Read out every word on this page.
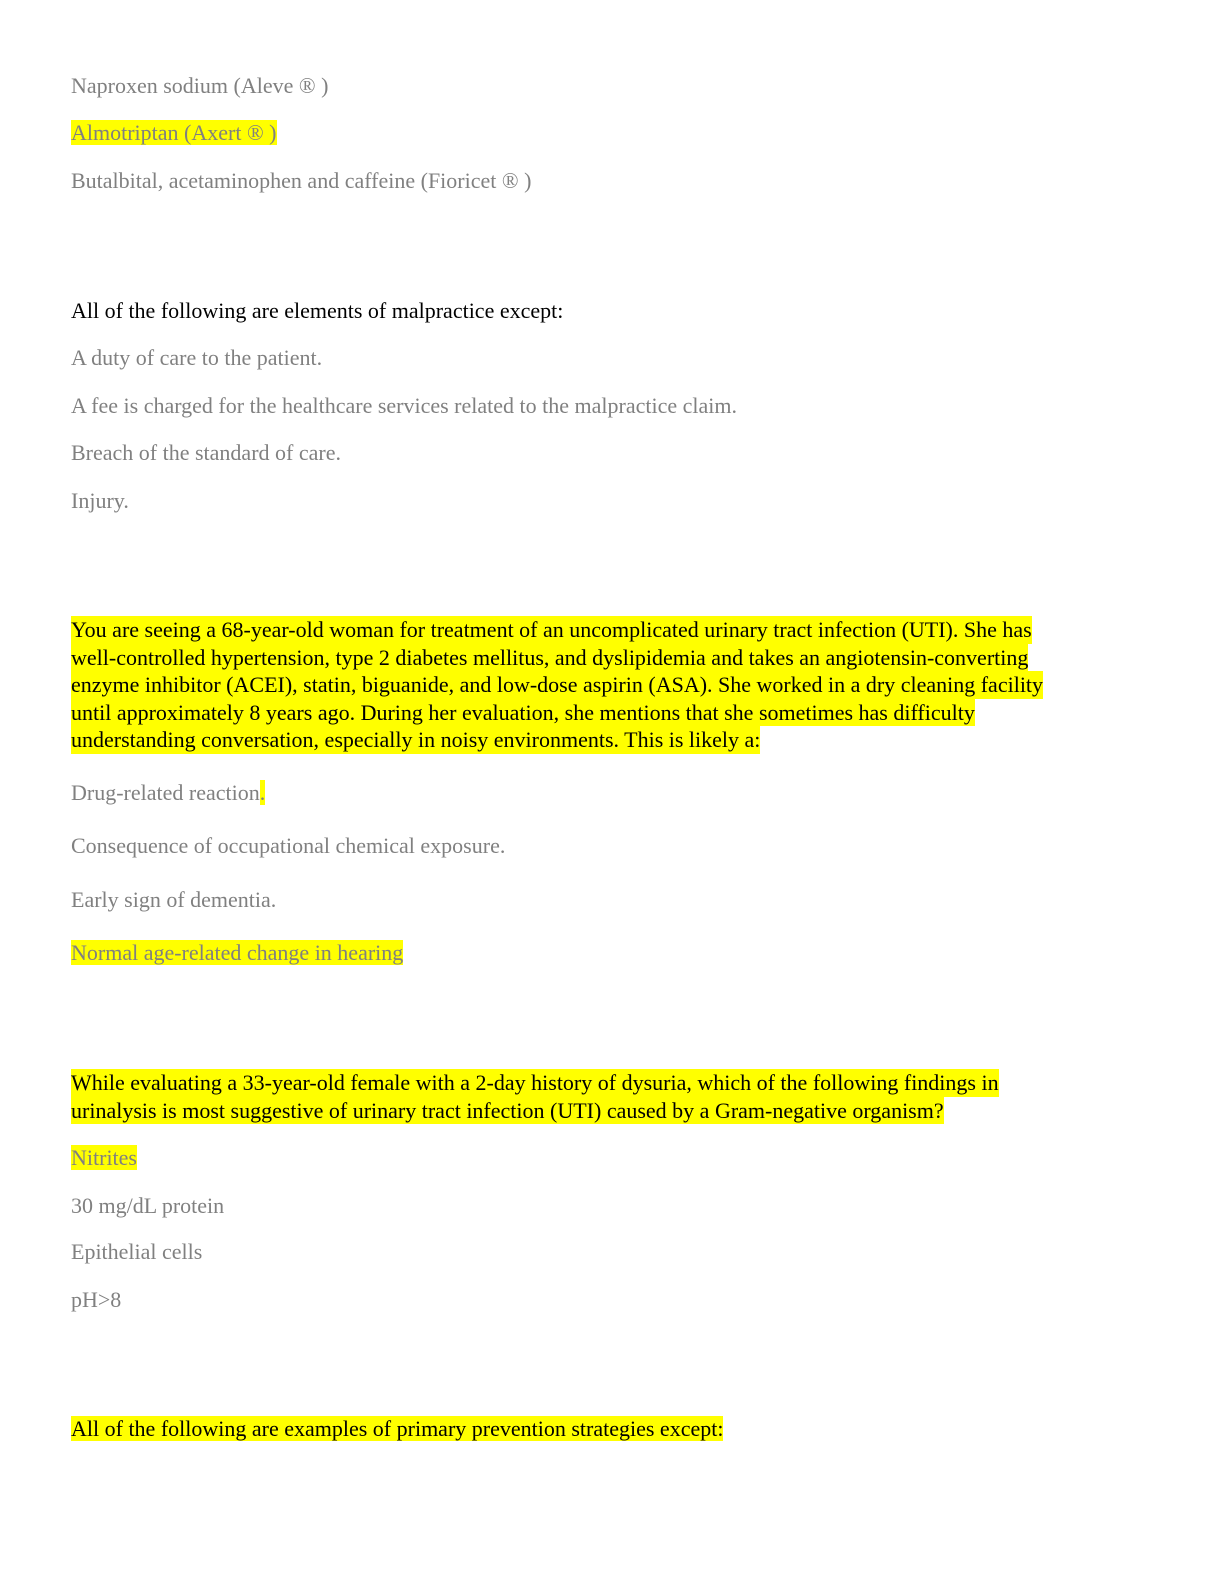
Naproxen sodium (Aleve ® )

Almotriptan (Axert ® )

Butalbital, acetaminophen and caffeine (Fioricet ® )

All of the following are elements of malpractice except:

A duty of care to the patient.

A fee is charged for the healthcare services related to the malpractice claim.

Breach of the standard of care.

Injury.

You are seeing a 68-year-old woman for treatment of an uncomplicated urinary tract infection (UTI). She has
well-controlled hypertension, type 2 diabetes mellitus, and dyslipidemia and takes an angiotensin-converting
enzyme inhibitor (ACEI), statin, biguanide, and low-dose aspirin (ASA). She worked in a dry cleaning facility
until approximately 8 years ago. During her evaluation, she mentions that she sometimes has difficulty
understanding conversation, especially in noisy environments. This is likely a:

Drug-related reaction.

Consequence of occupational chemical exposure.

Early sign of dementia.

Normal age-related change in hearing

While evaluating a 33-year-old female with a 2-day history of dysuria, which of the following findings in
urinalysis is most suggestive of urinary tract infection (UTI) caused by a Gram-negative organism?

Nitrites

30 mg/dL protein

Epithelial cells

pH>8

All of the following are examples of primary prevention strategies except:
